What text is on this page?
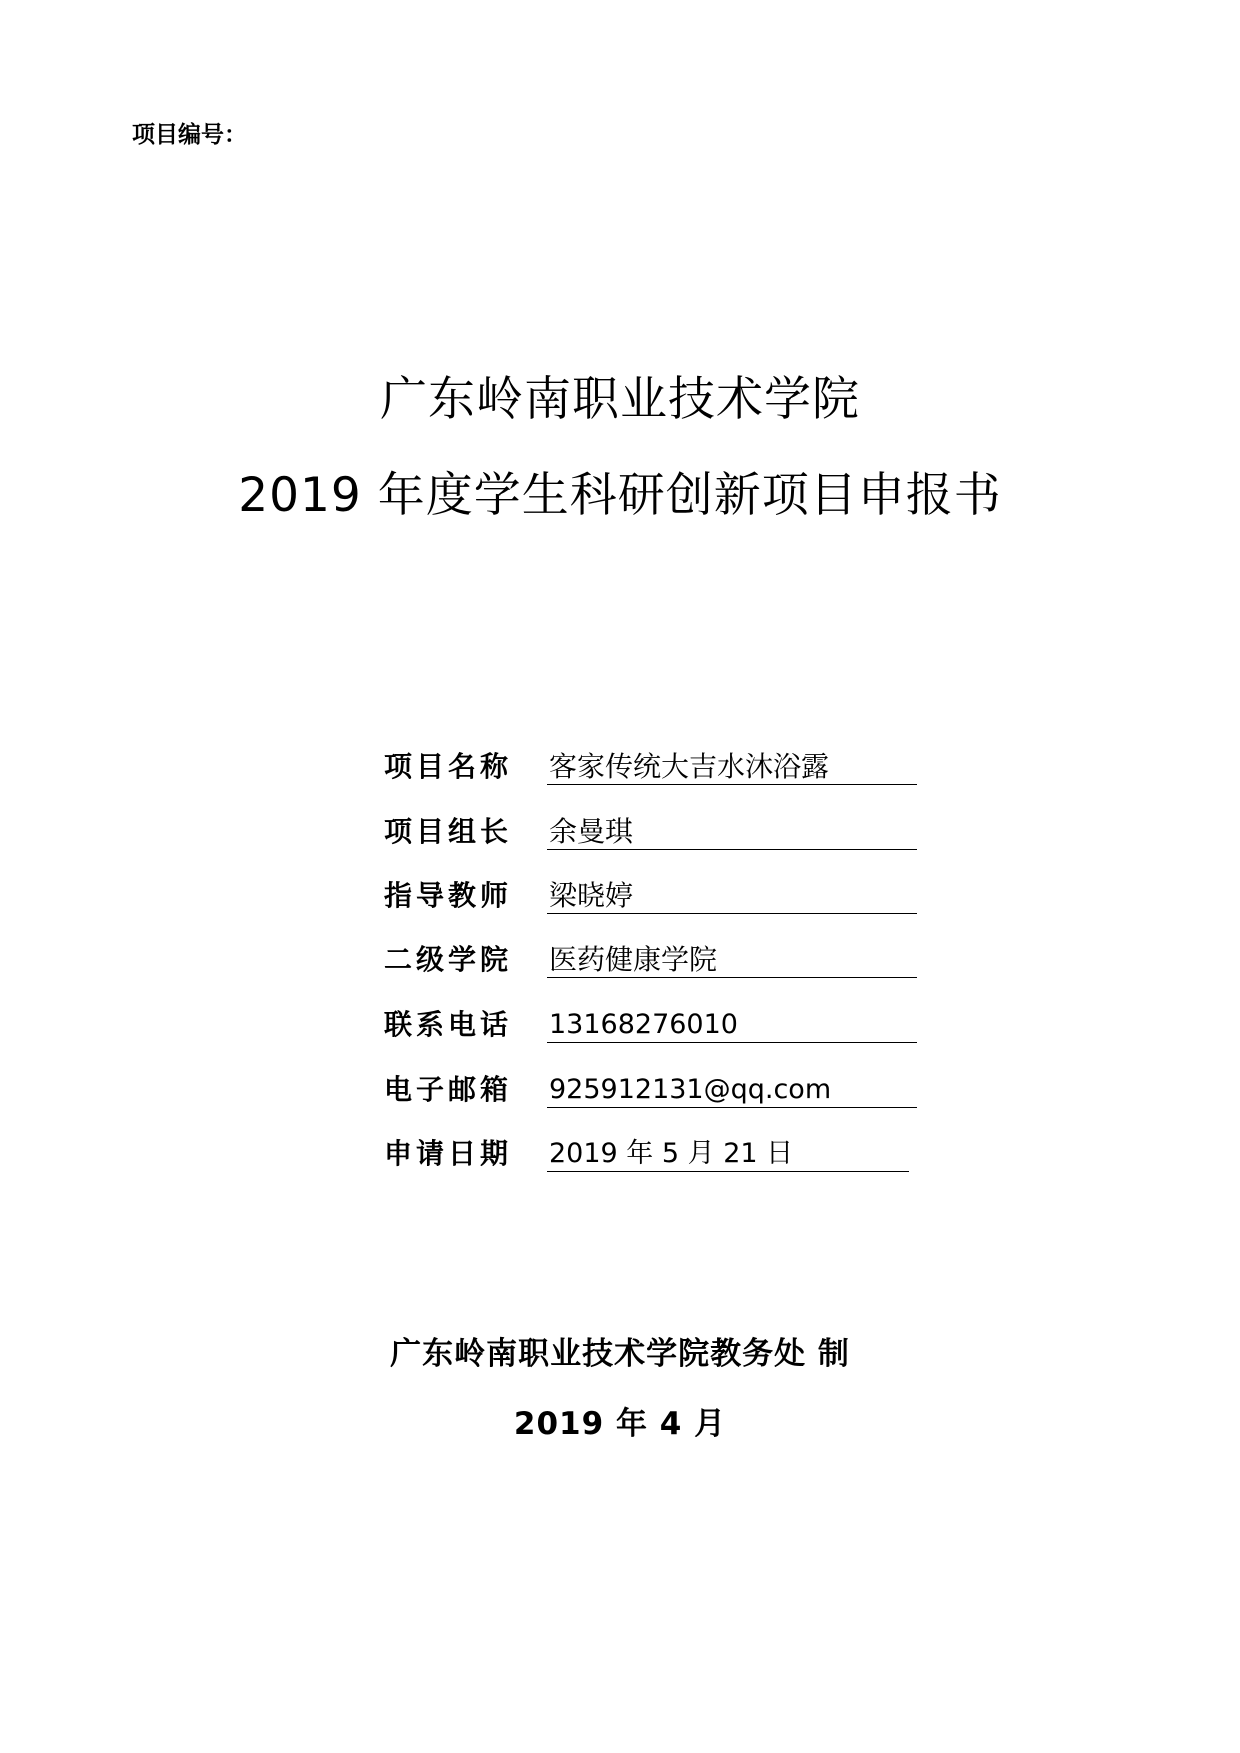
项目编号：
广东岭南职业技术学院
2019 年度学生科研创新项目申报书
项目名称 客家传统大吉水沐浴露
项目组长 余曼琪
指导教师 梁晓婷
二级学院 医药健康学院
联系电话 13168276010
电子邮箱 925912131@qq.com
申请日期 2019 年 5 月 21 日
广东岭南职业技术学院教务处 制
2019 年 4 月
